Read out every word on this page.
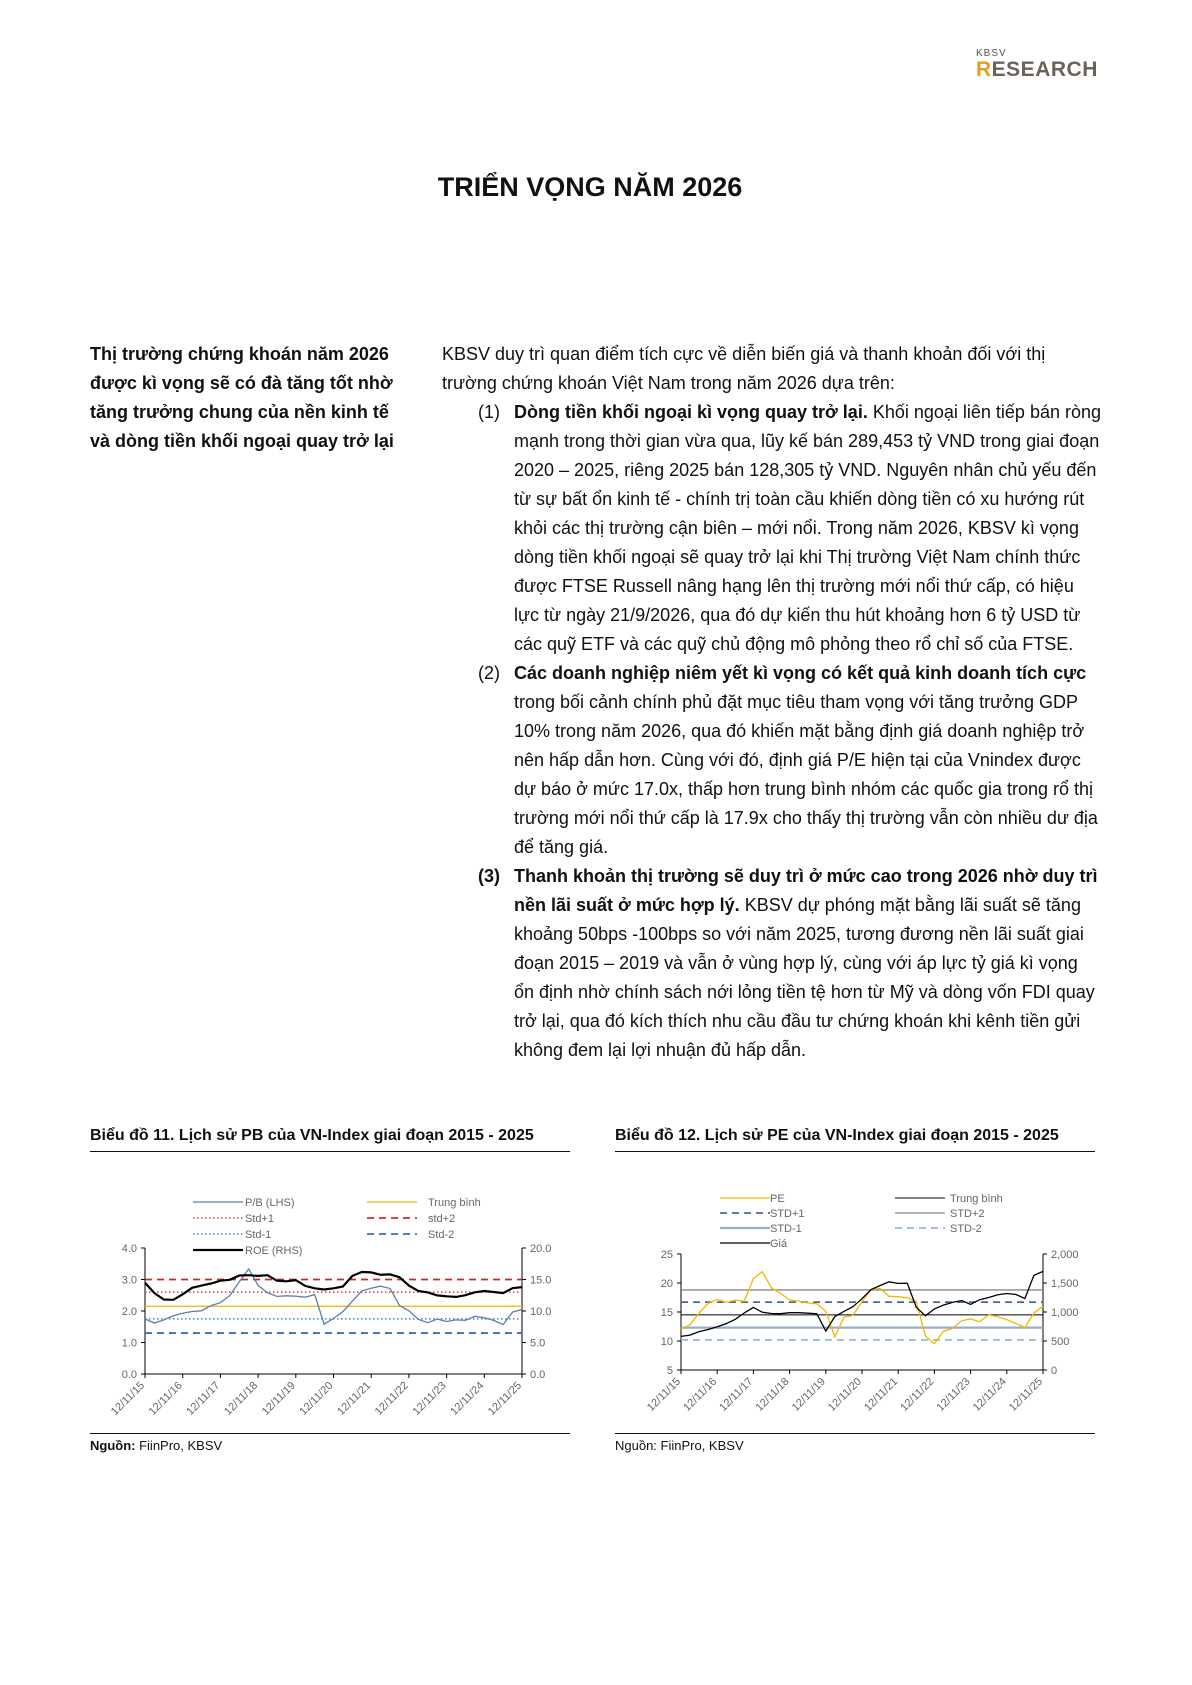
KBSV
RESEARCH
TRIỂN VỌNG NĂM 2026
Thị trường chứng khoán năm 2026 được kì vọng sẽ có đà tăng tốt nhờ tăng trưởng chung của nền kinh tế và dòng tiền khối ngoại quay trở lại
KBSV duy trì quan điểm tích cực về diễn biến giá và thanh khoản đối với thị trường chứng khoán Việt Nam trong năm 2026 dựa trên:
(1) Dòng tiền khối ngoại kì vọng quay trở lại. Khối ngoại liên tiếp bán ròng mạnh trong thời gian vừa qua, lũy kế bán 289,453 tỷ VND trong giai đoạn 2020 – 2025, riêng 2025 bán 128,305 tỷ VND. Nguyên nhân chủ yếu đến từ sự bất ổn kinh tế - chính trị toàn cầu khiến dòng tiền có xu hướng rút khỏi các thị trường cận biên – mới nổi. Trong năm 2026, KBSV kì vọng dòng tiền khối ngoại sẽ quay trở lại khi Thị trường Việt Nam chính thức được FTSE Russell nâng hạng lên thị trường mới nổi thứ cấp, có hiệu lực từ ngày 21/9/2026, qua đó dự kiến thu hút khoảng hơn 6 tỷ USD từ các quỹ ETF và các quỹ chủ động mô phỏng theo rổ chỉ số của FTSE.
(2) Các doanh nghiệp niêm yết kì vọng có kết quả kinh doanh tích cực trong bối cảnh chính phủ đặt mục tiêu tham vọng với tăng trưởng GDP 10% trong năm 2026, qua đó khiến mặt bằng định giá doanh nghiệp trở nên hấp dẫn hơn. Cùng với đó, định giá P/E hiện tại của Vnindex được dự báo ở mức 17.0x, thấp hơn trung bình nhóm các quốc gia trong rổ thị trường mới nổi thứ cấp là 17.9x cho thấy thị trường vẫn còn nhiều dư địa để tăng giá.
(3) Thanh khoản thị trường sẽ duy trì ở mức cao trong 2026 nhờ duy trì nền lãi suất ở mức hợp lý. KBSV dự phóng mặt bằng lãi suất sẽ tăng khoảng 50bps -100bps so với năm 2025, tương đương nền lãi suất giai đoạn 2015 – 2019 và vẫn ở vùng hợp lý, cùng với áp lực tỷ giá kì vọng ổn định nhờ chính sách nới lỏng tiền tệ hơn từ Mỹ và dòng vốn FDI quay trở lại, qua đó kích thích nhu cầu đầu tư chứng khoán khi kênh tiền gửi không đem lại lợi nhuận đủ hấp dẫn.
Biểu đồ 11. Lịch sử PB của VN-Index giai đoạn 2015 - 2025
0.0
1.0
2.0
3.0
4.0
0.0
5.0
10.0
15.0
20.0
12/11/15 12/11/16 12/11/17 12/11/18 12/11/19 12/11/20 12/11/21 12/11/22 12/11/23 12/11/24 12/11/25
P/B (LHS)	Trung bình
Std+1	std+2
Std-1	Std-2
ROE (RHS)
Nguồn: FiinPro, KBSV
Biểu đồ 12. Lịch sử PE của VN-Index giai đoạn 2015 - 2025
5
10
15
20
25
0
500
1,000
1,500
2,000
12/11/15
12/11/16
12/11/17
12/11/18
12/11/19
12/11/20
12/11/21
12/11/22
12/11/23
12/11/24
12/11/25
PE	Trung bình
STD+1	STD+2
STD-1	STD-2
Giá
Nguồn: FiinPro, KBSV
